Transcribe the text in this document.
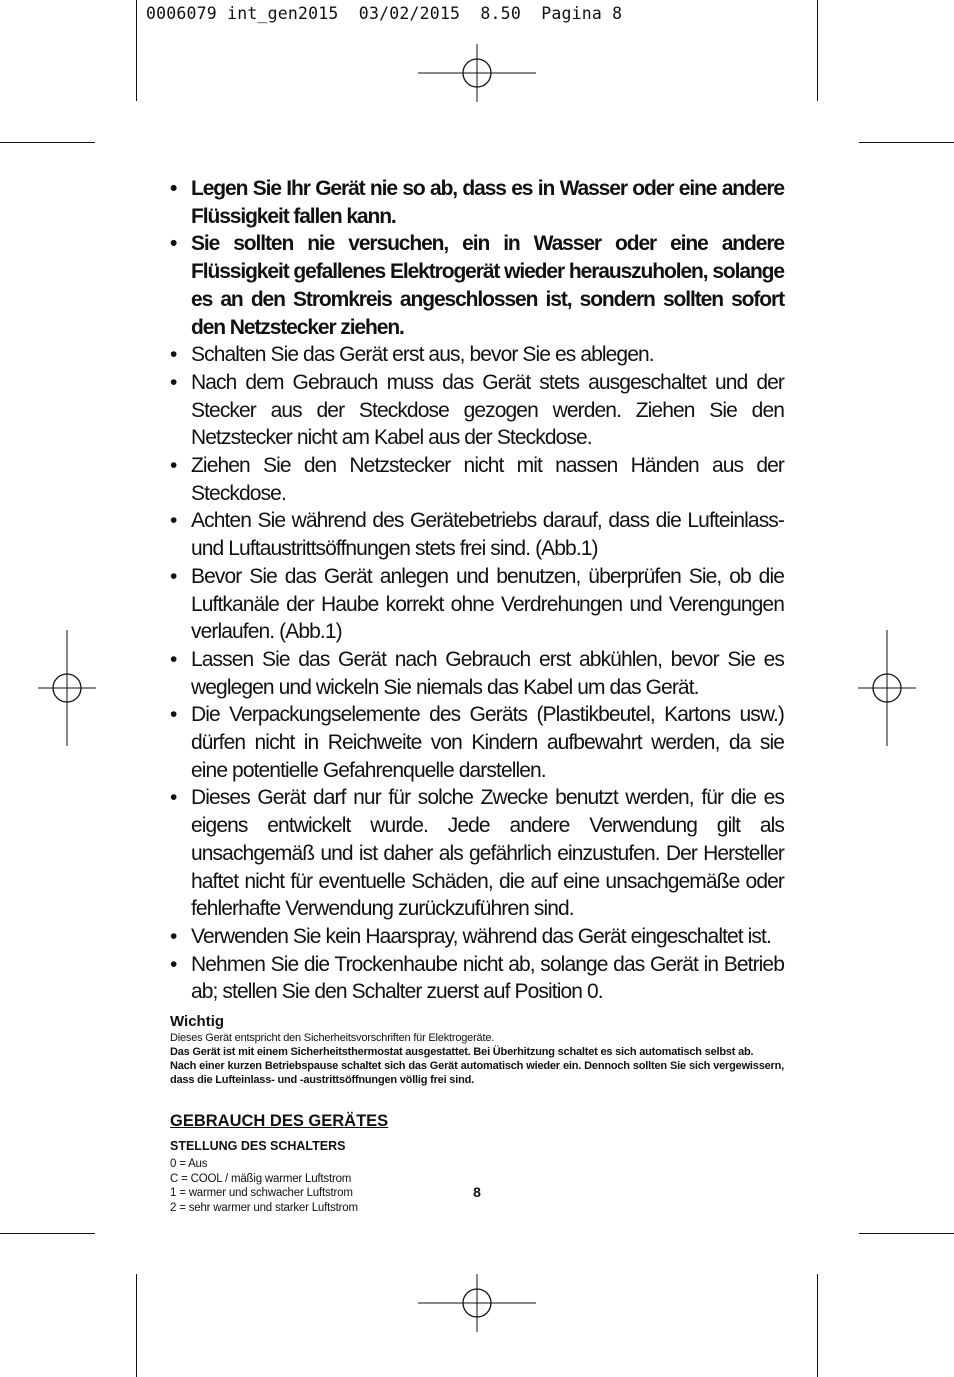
0006079 int_gen2015  03/02/2015  8.50  Pagina 8
• Legen Sie Ihr Gerät nie so ab, dass es in Wasser oder eine andere Flüssigkeit fallen kann.
• Sie sollten nie versuchen, ein in Wasser oder eine andere Flüssigkeit gefallenes Elektrogerät wieder herauszuholen, solange es an den Stromkreis angeschlossen ist, sondern sollten sofort den Netzstecker ziehen.
• Schalten Sie das Gerät erst aus, bevor Sie es ablegen.
• Nach dem Gebrauch muss das Gerät stets ausgeschaltet und der Stecker aus der Steckdose gezogen werden. Ziehen Sie den Netzstecker nicht am Kabel aus der Steckdose.
• Ziehen Sie den Netzstecker nicht mit nassen Händen aus der Steckdose.
• Achten Sie während des Gerätebetriebs darauf, dass die Lufteinlass- und Luftaustrittsöffnungen stets frei sind. (Abb.1)
• Bevor Sie das Gerät anlegen und benutzen, überprüfen Sie, ob die Luftkanäle der Haube korrekt ohne Verdrehungen und Verengungen verlaufen. (Abb.1)
• Lassen Sie das Gerät nach Gebrauch erst abkühlen, bevor Sie es weglegen und wickeln Sie niemals das Kabel um das Gerät.
• Die Verpackungselemente des Geräts (Plastikbeutel, Kartons usw.) dürfen nicht in Reichweite von Kindern aufbewahrt werden, da sie eine potentielle Gefahrenquelle darstellen.
• Dieses Gerät darf nur für solche Zwecke benutzt werden, für die es eigens entwickelt wurde. Jede andere Verwendung gilt als unsachgemäß und ist daher als gefährlich einzustufen. Der Hersteller haftet nicht für eventuelle Schäden, die auf eine unsachgemäße oder fehlerhafte Verwendung zurückzuführen sind.
• Verwenden Sie kein Haarspray, während das Gerät eingeschaltet ist.
• Nehmen Sie die Trockenhaube nicht ab, solange das Gerät in Betrieb ab; stellen Sie den Schalter zuerst auf Position 0.
Wichtig
Dieses Gerät entspricht den Sicherheitsvorschriften für Elektrogeräte.
Das Gerät ist mit einem Sicherheitsthermostat ausgestattet. Bei Überhitzung schaltet es sich automatisch selbst ab.
Nach einer kurzen Betriebspause schaltet sich das Gerät automatisch wieder ein. Dennoch sollten Sie sich vergewissern, dass die Lufteinlass- und -austrittsöffnungen völlig frei sind.
GEBRAUCH DES GERÄTES
STELLUNG DES SCHALTERS
0 = Aus
C = COOL / mäßig warmer Luftstrom
1 = warmer und schwacher Luftstrom
2 = sehr warmer und starker Luftstrom
8
